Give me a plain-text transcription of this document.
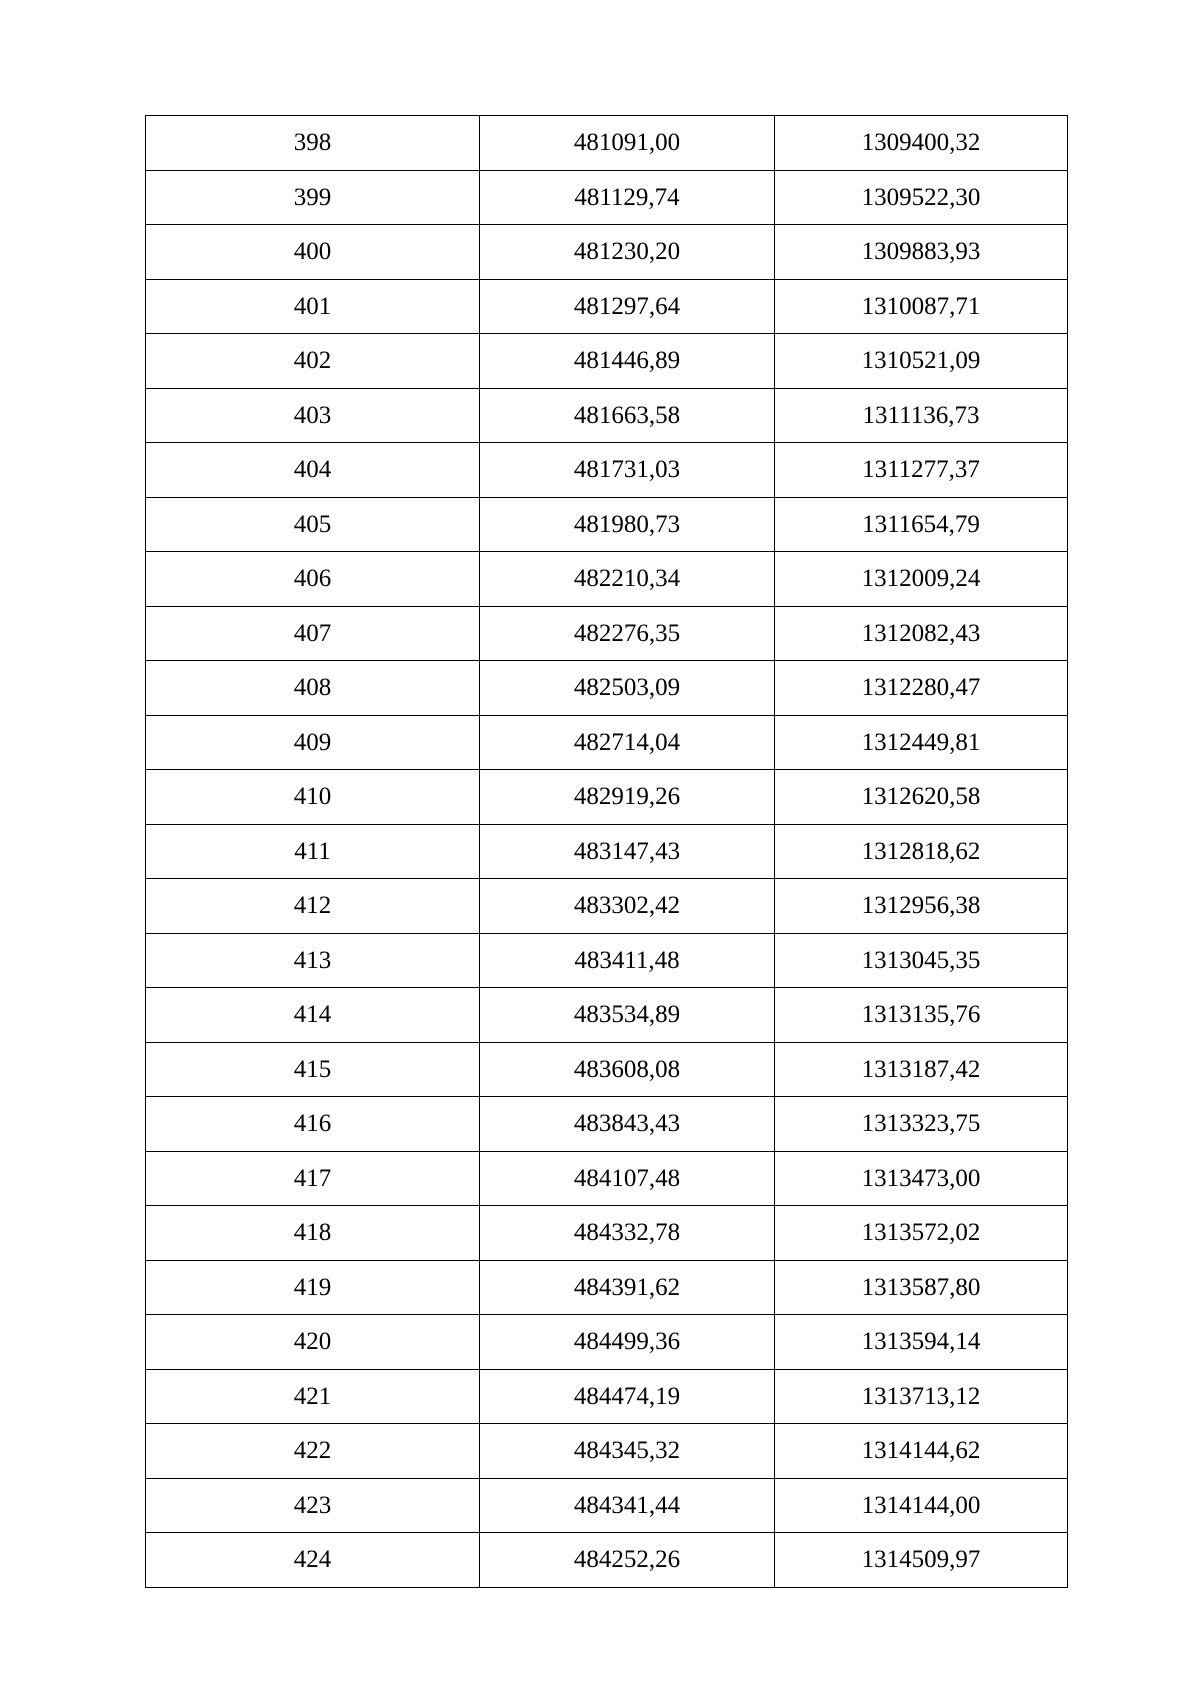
398	481091,00	1309400,32
399	481129,74	1309522,30
400	481230,20	1309883,93
401	481297,64	1310087,71
402	481446,89	1310521,09
403	481663,58	1311136,73
404	481731,03	1311277,37
405	481980,73	1311654,79
406	482210,34	1312009,24
407	482276,35	1312082,43
408	482503,09	1312280,47
409	482714,04	1312449,81
410	482919,26	1312620,58
411	483147,43	1312818,62
412	483302,42	1312956,38
413	483411,48	1313045,35
414	483534,89	1313135,76
415	483608,08	1313187,42
416	483843,43	1313323,75
417	484107,48	1313473,00
418	484332,78	1313572,02
419	484391,62	1313587,80
420	484499,36	1313594,14
421	484474,19	1313713,12
422	484345,32	1314144,62
423	484341,44	1314144,00
424	484252,26	1314509,97
